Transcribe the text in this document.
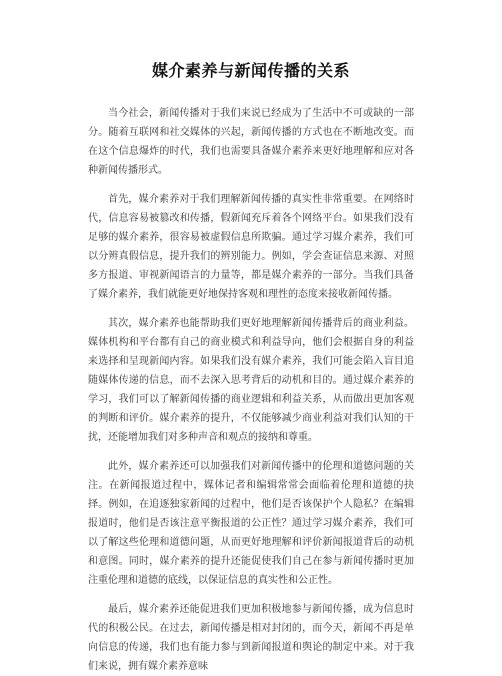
媒介素养与新闻传播的关系

当今社会，新闻传播对于我们来说已经成为了生活中不可或缺的一部分。随着互联网和社交媒体的兴起，新闻传播的方式也在不断地改变。而在这个信息爆炸的时代，我们也需要具备媒介素养来更好地理解和应对各种新闻传播形式。

首先，媒介素养对于我们理解新闻传播的真实性非常重要。在网络时代，信息容易被篡改和传播，假新闻充斥着各个网络平台。如果我们没有足够的媒介素养，很容易被虚假信息所欺骗。通过学习媒介素养，我们可以分辨真假信息，提升我们的辨别能力。例如，学会查证信息来源、对照多方报道、审视新闻语言的力量等，都是媒介素养的一部分。当我们具备了媒介素养，我们就能更好地保持客观和理性的态度来接收新闻传播。

其次，媒介素养也能帮助我们更好地理解新闻传播背后的商业利益。媒体机构和平台都有自己的商业模式和利益导向，他们会根据自身的利益来选择和呈现新闻内容。如果我们没有媒介素养，我们可能会陷入盲目追随媒体传递的信息，而不去深入思考背后的动机和目的。通过媒介素养的学习，我们可以了解新闻传播的商业逻辑和利益关系，从而做出更加客观的判断和评价。媒介素养的提升，不仅能够减少商业利益对我们认知的干扰，还能增加我们对多种声音和观点的接纳和尊重。

此外，媒介素养还可以加强我们对新闻传播中的伦理和道德问题的关注。在新闻报道过程中，媒体记者和编辑常常会面临着伦理和道德的抉择。例如，在追逐独家新闻的过程中，他们是否该保护个人隐私？在编辑报道时，他们是否该注意平衡报道的公正性？通过学习媒介素养，我们可以了解这些伦理和道德问题，从而更好地理解和评价新闻报道背后的动机和意图。同时，媒介素养的提升还能促使我们自己在参与新闻传播时更加注重伦理和道德的底线，以保证信息的真实性和公正性。

最后，媒介素养还能促进我们更加积极地参与新闻传播，成为信息时代的积极公民。在过去，新闻传播是相对封闭的，而今天，新闻不再是单向信息的传递，我们也有能力参与到新闻报道和舆论的制定中来。对于我们来说，拥有媒介素养意味
